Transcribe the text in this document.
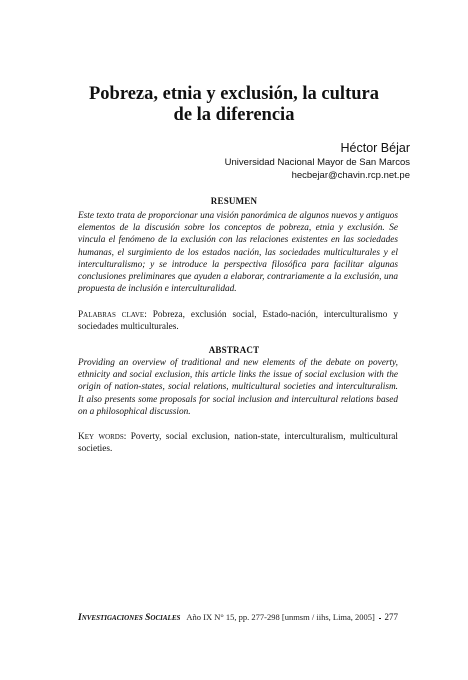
Pobreza, etnia y exclusión, la cultura
de la diferencia
Héctor Béjar
Universidad Nacional Mayor de San Marcos
hecbejar@chavin.rcp.net.pe
RESUMEN
Este texto trata de proporcionar una visión panorámica de algunos nuevos y antiguos elementos de la discusión sobre los conceptos de pobreza, etnia y exclusión. Se vincula el fenómeno de la exclusión con las relaciones existentes en las sociedades humanas, el surgimiento de los estados nación, las sociedades multiculturales y el interculturalismo; y se introduce la perspectiva filosófica para facilitar algunas conclusiones preliminares que ayuden a elaborar, contrariamente a la exclusión, una propuesta de inclusión e interculturalidad.
Palabras clave: Pobreza, exclusión social, Estado-nación, interculturalismo y sociedades multiculturales.
ABSTRACT
Providing an overview of traditional and new elements of the debate on poverty, ethnicity and social exclusion, this article links the issue of social exclusion with the origin of nation-states, social relations, multicultural societies and interculturalism. It also presents some proposals for social inclusion and intercultural relations based on a philosophical discussion.
Key words: Poverty, social exclusion, nation-state, interculturalism, multicultural societies.
Investigaciones Sociales Año IX N° 15, pp. 277-298 [unmsm / iihs, Lima, 2005] 277
